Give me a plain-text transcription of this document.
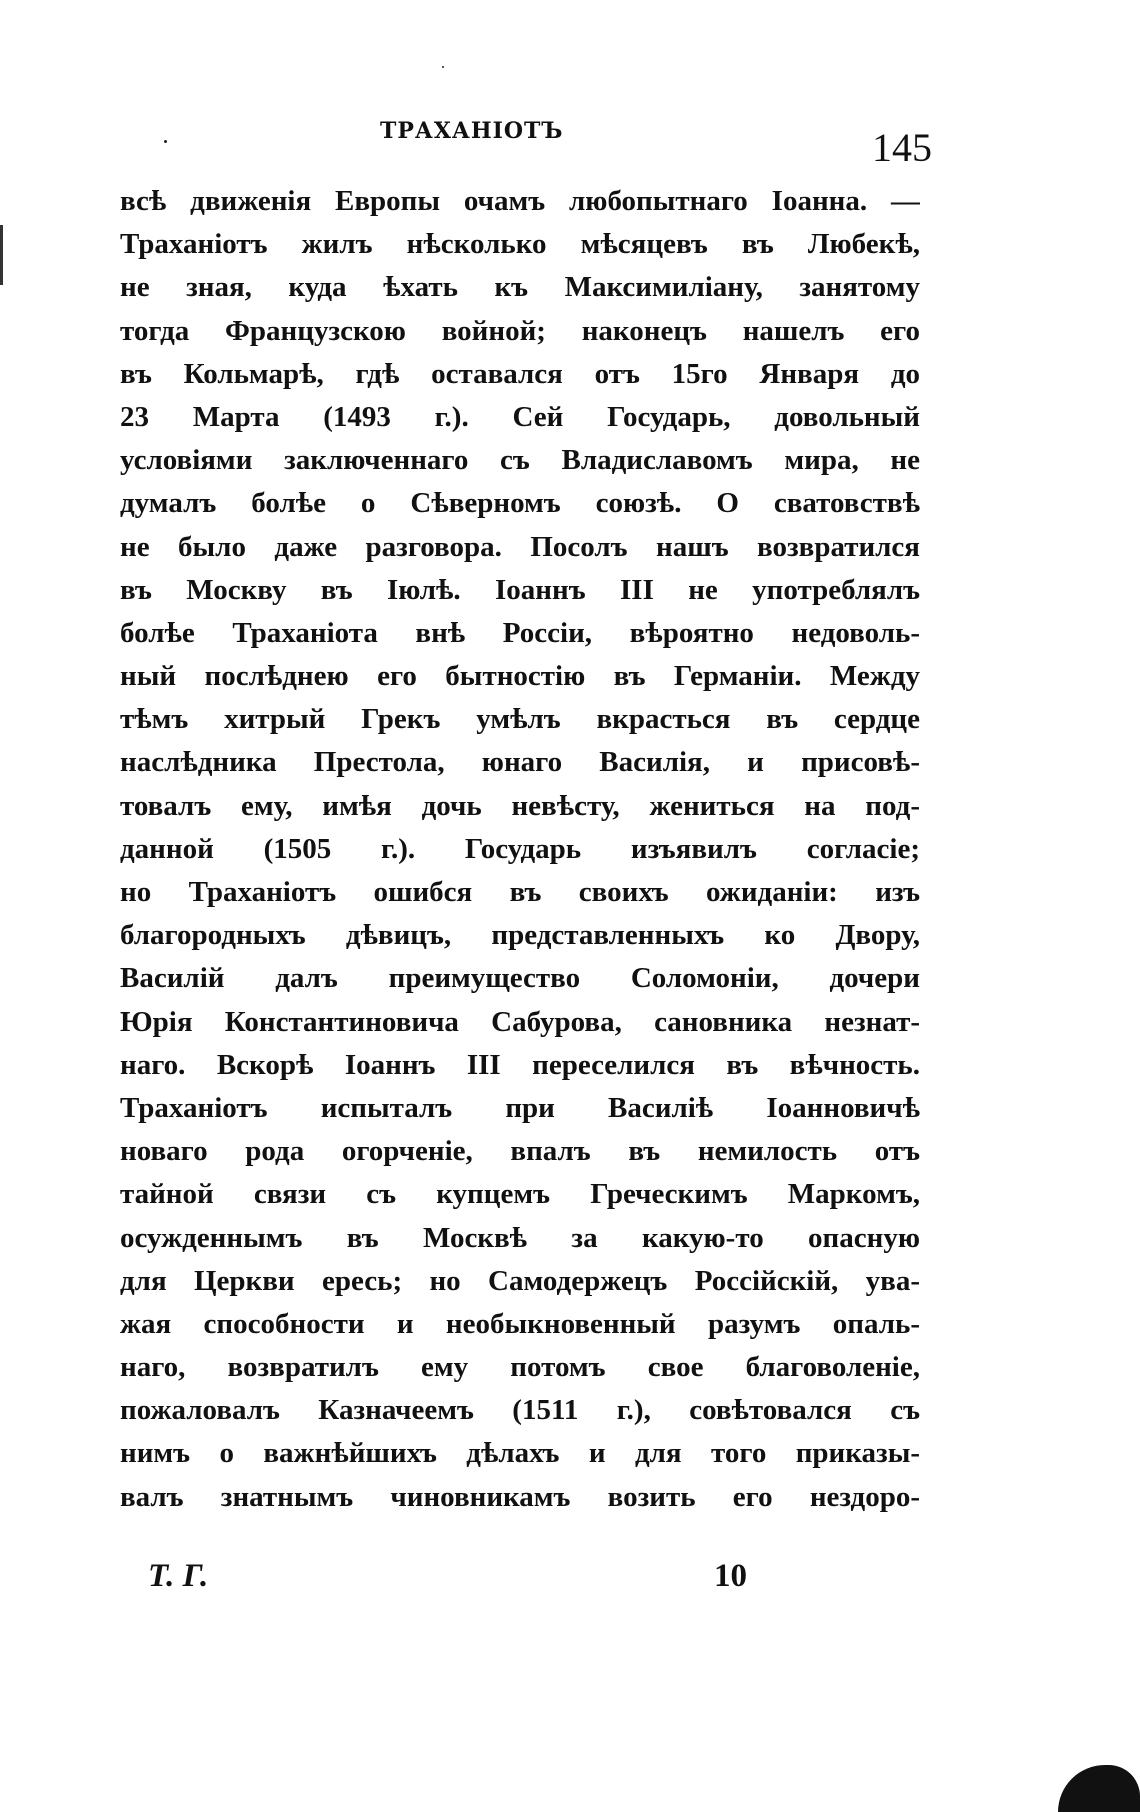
ТРАХАНІОТЪ	145
всѣ движенія Европы очамъ любопытнаго Іоанна. —
Траханіотъ жилъ нѣсколько мѣсяцевъ въ Любекѣ,
не зная, куда ѣхать къ Максимиліану, занятому
тогда Французскою войной; наконецъ нашелъ его
въ Кольмарѣ, гдѣ оставался отъ 15го Января до
23 Марта (1493 г.). Сей Государь, довольный
условіями заключеннаго съ Владиславомъ мира, не
думалъ болѣе о Сѣверномъ союзѣ. О сватовствѣ
не было даже разговора. Посолъ нашъ возвратился
въ Москву въ Іюлѣ. Іоаннъ III не употреблялъ
болѣе Траханіота внѣ Россіи, вѣроятно недоволь-
ный послѣднею его бытностію въ Германіи. Между
тѣмъ хитрый Грекъ умѣлъ вкрасться въ сердце
наслѣдника Престола, юнаго Василія, и присовѣ-
товалъ ему, имѣя дочь невѣсту, жениться на под-
данной (1505 г.). Государь изъявилъ согласіе;
но Траханіотъ ошибся въ своихъ ожиданіи: изъ
благородныхъ дѣвицъ, представленныхъ ко Двору,
Василій далъ преимущество Соломоніи, дочери
Юрія Константиновича Сабурова, сановника незнат-
наго. Вскорѣ Іоаннъ III переселился въ вѣчность.
Траханіотъ испыталъ при Василіѣ Іоанновичѣ
новаго рода огорченіе, впалъ въ немилость отъ
тайной связи съ купцемъ Греческимъ Маркомъ,
осужденнымъ въ Москвѣ за какую-то опасную
для Церкви ересь; но Самодержецъ Россійскій, ува-
жая способности и необыкновенный разумъ опаль-
наго, возвратилъ ему потомъ свое благоволеніе,
пожаловалъ Казначеемъ (1511 г.), совѣтовался съ
нимъ о важнѣйшихъ дѣлахъ и для того приказы-
валъ знатнымъ чиновникамъ возить его нездоро-
Т. Г.	10
